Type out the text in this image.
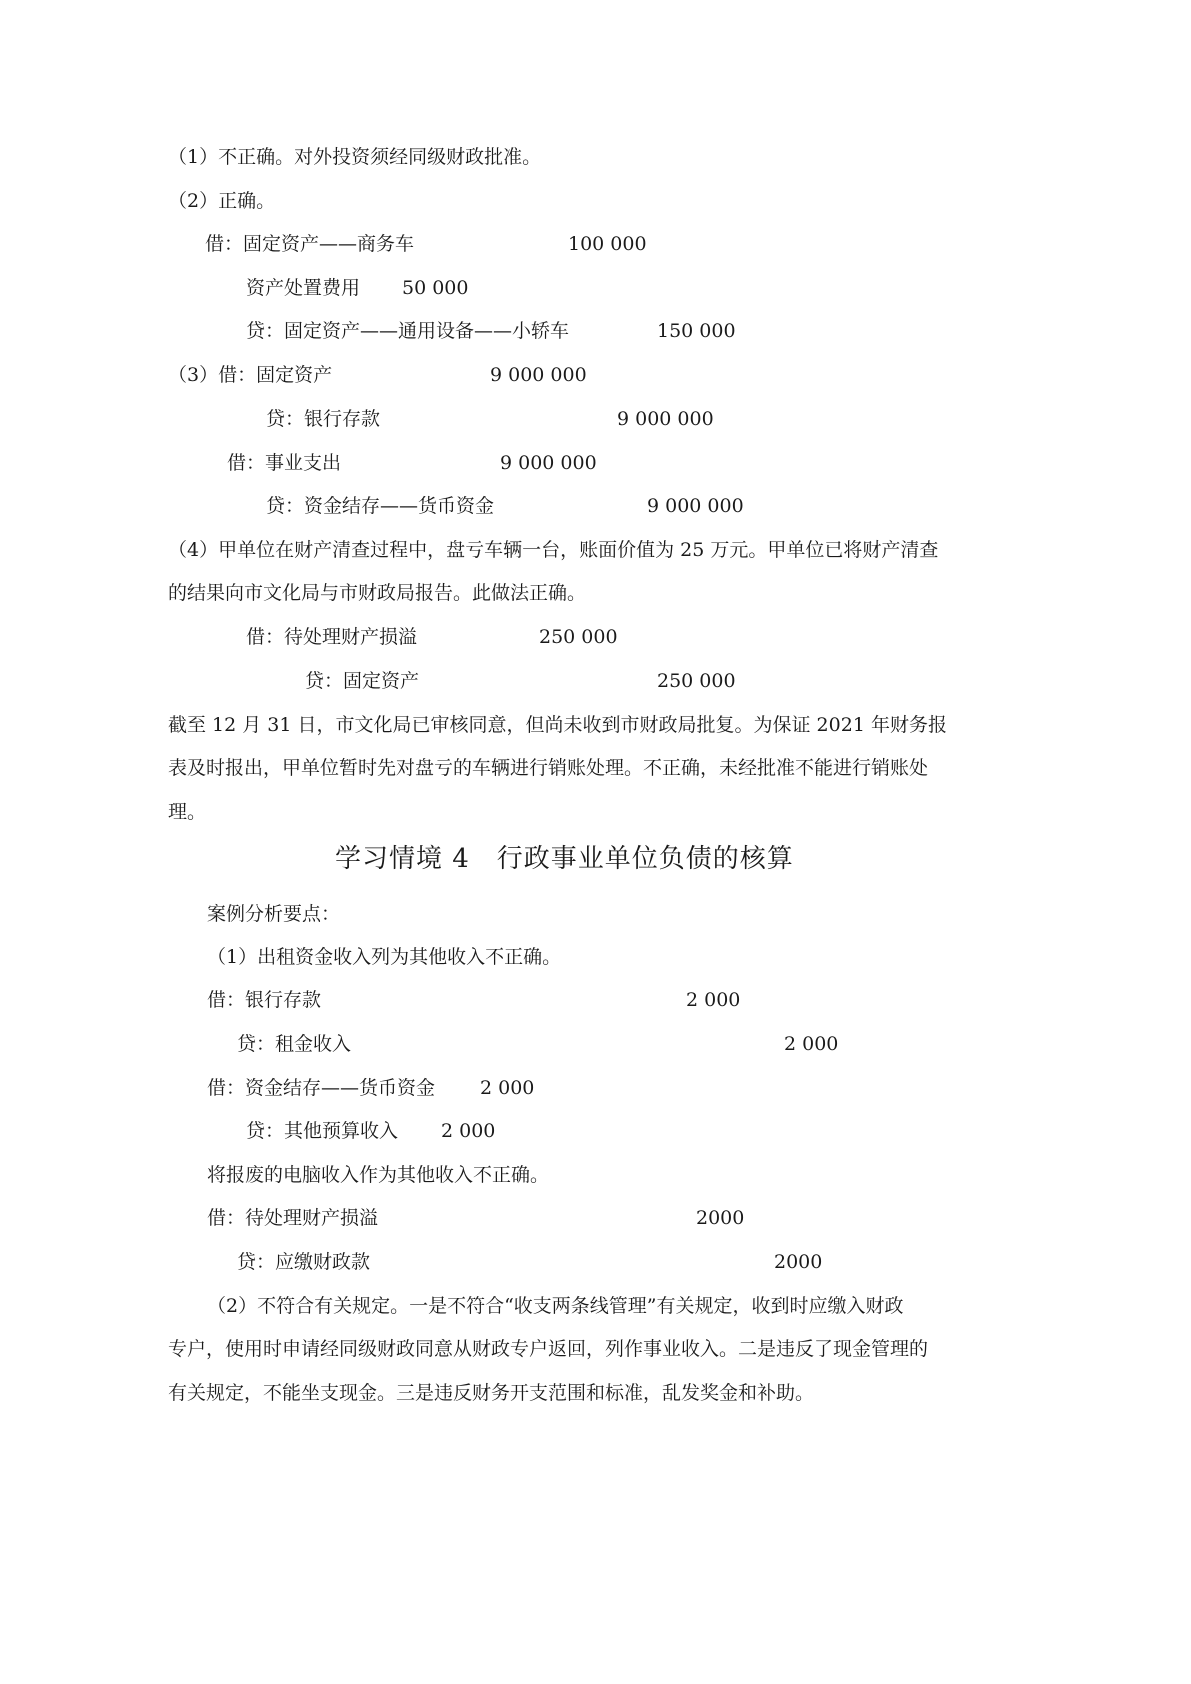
（1）不正确。对外投资须经同级财政批准。
（2）正确。
借：固定资产——商务车	100 000
资产处置费用 50 000
贷：固定资产——通用设备——小轿车	150 000
（3）借：固定资产	9 000 000
贷：银行存款	9 000 000
借：事业支出	9 000 000
贷：资金结存——货币资金	9 000 000
（4）甲单位在财产清查过程中，盘亏车辆一台，账面价值为 25 万元。甲单位已将财产清查
的结果向市文化局与市财政局报告。此做法正确。
借：待处理财产损溢	250 000
贷：固定资产	250 000
截至 12 月 31 日，市文化局已审核同意，但尚未收到市财政局批复。为保证 2021 年财务报
表及时报出，甲单位暂时先对盘亏的车辆进行销账处理。不正确，未经批准不能进行销账处
理。
学习情境 4　行政事业单位负债的核算
案例分析要点：
（1）出租资金收入列为其他收入不正确。
借：银行存款	2 000
贷：租金收入	2 000
借：资金结存——货币资金 2 000
贷：其他预算收入 2 000
将报废的电脑收入作为其他收入不正确。
借：待处理财产损溢	2000
贷：应缴财政款	2000
（2）不符合有关规定。一是不符合“收支两条线管理”有关规定，收到时应缴入财政
专户，使用时申请经同级财政同意从财政专户返回，列作事业收入。二是违反了现金管理的
有关规定，不能坐支现金。三是违反财务开支范围和标准，乱发奖金和补助。
